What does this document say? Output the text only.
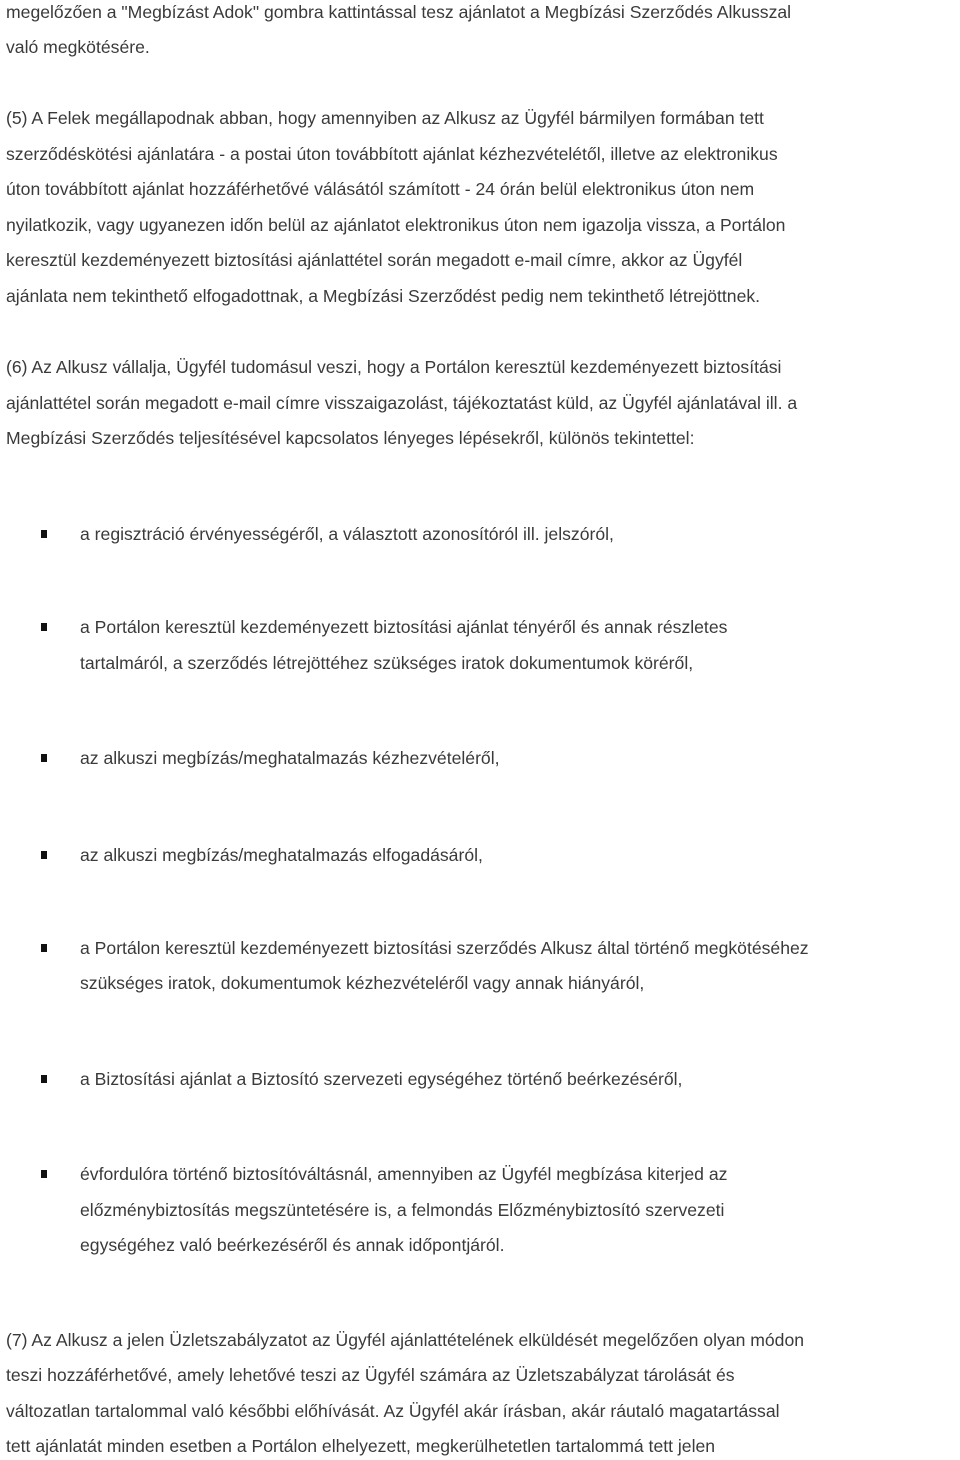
megelőzően a "Megbízást Adok" gombra kattintással tesz ajánlatot a Megbízási Szerződés Alkusszal
való megkötésére.
(5) A Felek megállapodnak abban, hogy amennyiben az Alkusz az Ügyfél bármilyen formában tett
szerződéskötési ajánlatára - a postai úton továbbított ajánlat kézhezvételétől, illetve az elektronikus
úton továbbított ajánlat hozzáférhetővé válásától számított - 24 órán belül elektronikus úton nem
nyilatkozik, vagy ugyanezen időn belül az ajánlatot elektronikus úton nem igazolja vissza, a Portálon
keresztül kezdeményezett biztosítási ajánlattétel során megadott e-mail címre, akkor az Ügyfél
ajánlata nem tekinthető elfogadottnak, a Megbízási Szerződést pedig nem tekinthető létrejöttnek.
(6) Az Alkusz vállalja, Ügyfél tudomásul veszi, hogy a Portálon keresztül kezdeményezett biztosítási
ajánlattétel során megadott e-mail címre visszaigazolást, tájékoztatást küld, az Ügyfél ajánlatával ill. a
Megbízási Szerződés teljesítésével kapcsolatos lényeges lépésekről, különös tekintettel:
a regisztráció érvényességéről, a választott azonosítóról ill. jelszóról,
a Portálon keresztül kezdeményezett biztosítási ajánlat tényéről és annak részletes
tartalmáról, a szerződés létrejöttéhez szükséges iratok dokumentumok köréről,
az alkuszi megbízás/meghatalmazás kézhezvételéről,
az alkuszi megbízás/meghatalmazás elfogadásáról,
a Portálon keresztül kezdeményezett biztosítási szerződés Alkusz által történő megkötéséhez
szükséges iratok, dokumentumok kézhezvételéről vagy annak hiányáról,
a Biztosítási ajánlat a Biztosító szervezeti egységéhez történő beérkezéséről,
évfordulóra történő biztosítóváltásnál, amennyiben az Ügyfél megbízása kiterjed az
előzménybiztosítás megszüntetésére is, a felmondás Előzménybiztosító szervezeti
egységéhez való beérkezéséről és annak időpontjáról.
(7) Az Alkusz a jelen Üzletszabályzatot az Ügyfél ajánlattételének elküldését megelőzően olyan módon
teszi hozzáférhetővé, amely lehetővé teszi az Ügyfél számára az Üzletszabályzat tárolását és
változatlan tartalommal való későbbi előhívását. Az Ügyfél akár írásban, akár ráutaló magatartással
tett ajánlatát minden esetben a Portálon elhelyezett, megkerülhetetlen tartalommá tett jelen
